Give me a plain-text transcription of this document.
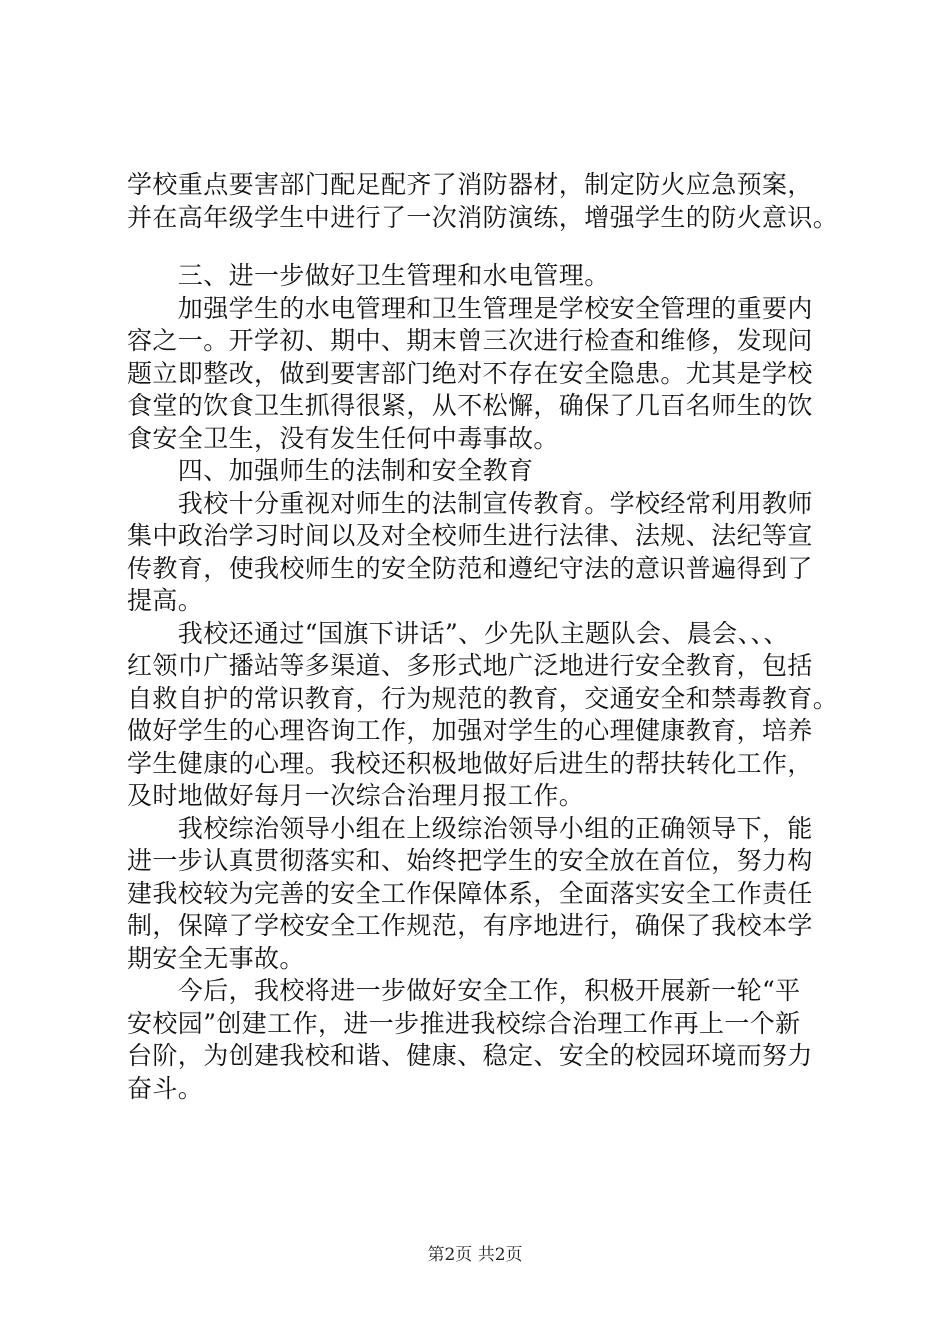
学校重点要害部门配足配齐了消防器材，制定防火应急预案，
并在高年级学生中进行了一次消防演练，增强学生的防火意识。
　　三、进一步做好卫生管理和水电管理。
　　加强学生的水电管理和卫生管理是学校安全管理的重要内
容之一。开学初、期中、期末曾三次进行检查和维修，发现问
题立即整改，做到要害部门绝对不存在安全隐患。尤其是学校
食堂的饮食卫生抓得很紧，从不松懈，确保了几百名师生的饮
食安全卫生，没有发生任何中毒事故。
　　四、加强师生的法制和安全教育
　　我校十分重视对师生的法制宣传教育。学校经常利用教师
集中政治学习时间以及对全校师生进行法律、法规、法纪等宣
传教育，使我校师生的安全防范和遵纪守法的意识普遍得到了
提高。
　　我校还通过“国旗下讲话”、少先队主题队会、晨会、、、
红领巾广播站等多渠道、多形式地广泛地进行安全教育，包括
自救自护的常识教育，行为规范的教育，交通安全和禁毒教育。
做好学生的心理咨询工作，加强对学生的心理健康教育，培养
学生健康的心理。我校还积极地做好后进生的帮扶转化工作，
及时地做好每月一次综合治理月报工作。
　　我校综治领导小组在上级综治领导小组的正确领导下，能
进一步认真贯彻落实和、始终把学生的安全放在首位，努力构
建我校较为完善的安全工作保障体系，全面落实安全工作责任
制，保障了学校安全工作规范，有序地进行，确保了我校本学
期安全无事故。
　　今后，我校将进一步做好安全工作，积极开展新一轮“平
安校园”创建工作，进一步推进我校综合治理工作再上一个新
台阶，为创建我校和谐、健康、稳定、安全的校园环境而努力
奋斗。
第2页 共2页
